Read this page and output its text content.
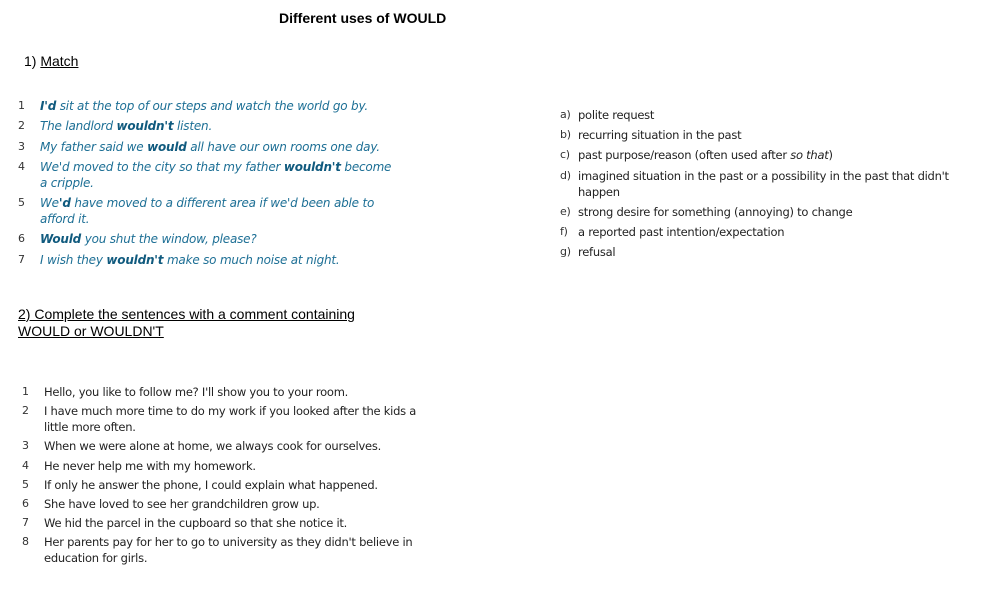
Different uses of WOULD
1) Match
1 I'd sit at the top of our steps and watch the world go by.
2 The landlord wouldn't listen.
3 My father said we would all have our own rooms one day.
4 We'd moved to the city so that my father wouldn't become a cripple.
5 We'd have moved to a different area if we'd been able to afford it.
6 Would you shut the window, please?
7 I wish they wouldn't make so much noise at night.
a) polite request
b) recurring situation in the past
c) past purpose/reason (often used after so that)
d) imagined situation in the past or a possibility in the past that didn't happen
e) strong desire for something (annoying) to change
f) a reported past intention/expectation
g) refusal
2) Complete the sentences with a comment containing WOULD or WOULDN'T
1 Hello, you like to follow me? I'll show you to your room.
2 I have much more time to do my work if you looked after the kids a little more often.
3 When we were alone at home, we always cook for ourselves.
4 He never help me with my homework.
5 If only he answer the phone, I could explain what happened.
6 She have loved to see her grandchildren grow up.
7 We hid the parcel in the cupboard so that she notice it.
8 Her parents pay for her to go to university as they didn't believe in education for girls.
